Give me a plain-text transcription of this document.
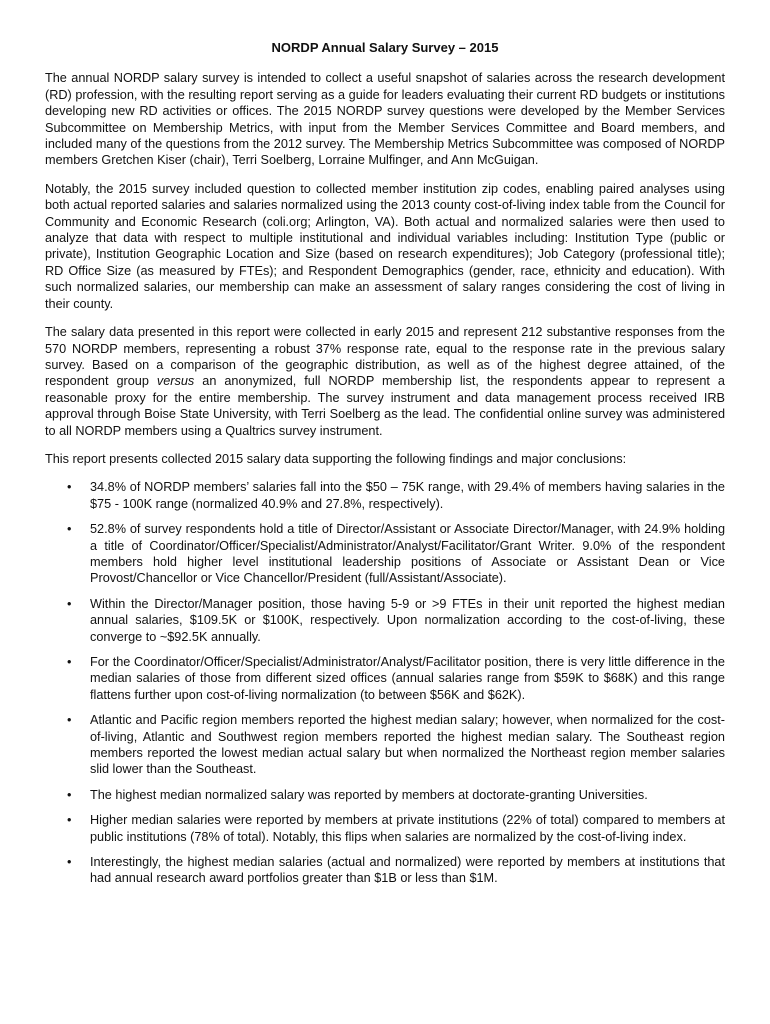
NORDP Annual Salary Survey – 2015

The annual NORDP salary survey is intended to collect a useful snapshot of salaries across the research development (RD) profession, with the resulting report serving as a guide for leaders evaluating their current RD budgets or institutions developing new RD activities or offices. The 2015 NORDP survey questions were developed by the Member Services Subcommittee on Membership Metrics, with input from the Member Services Committee and Board members, and included many of the questions from the 2012 survey. The Membership Metrics Subcommittee was composed of NORDP members Gretchen Kiser (chair), Terri Soelberg, Lorraine Mulfinger, and Ann McGuigan.

Notably, the 2015 survey included question to collected member institution zip codes, enabling paired analyses using both actual reported salaries and salaries normalized using the 2013 county cost-of-living index table from the Council for Community and Economic Research (coli.org; Arlington, VA). Both actual and normalized salaries were then used to analyze that data with respect to multiple institutional and individual variables including: Institution Type (public or private), Institution Geographic Location and Size (based on research expenditures); Job Category (professional title); RD Office Size (as measured by FTEs); and Respondent Demographics (gender, race, ethnicity and education). With such normalized salaries, our membership can make an assessment of salary ranges considering the cost of living in their county.

The salary data presented in this report were collected in early 2015 and represent 212 substantive responses from the 570 NORDP members, representing a robust 37% response rate, equal to the response rate in the previous salary survey. Based on a comparison of the geographic distribution, as well as of the highest degree attained, of the respondent group versus an anonymized, full NORDP membership list, the respondents appear to represent a reasonable proxy for the entire membership. The survey instrument and data management process received IRB approval through Boise State University, with Terri Soelberg as the lead. The confidential online survey was administered to all NORDP members using a Qualtrics survey instrument.

This report presents collected 2015 salary data supporting the following findings and major conclusions:

• 34.8% of NORDP members’ salaries fall into the $50 – 75K range, with 29.4% of members having salaries in the $75 - 100K range (normalized 40.9% and 27.8%, respectively).
• 52.8% of survey respondents hold a title of Director/Assistant or Associate Director/Manager, with 24.9% holding a title of Coordinator/Officer/Specialist/Administrator/Analyst/Facilitator/Grant Writer. 9.0% of the respondent members hold higher level institutional leadership positions of Associate or Assistant Dean or Vice Provost/Chancellor or Vice Chancellor/President (full/Assistant/Associate).
• Within the Director/Manager position, those having 5-9 or >9 FTEs in their unit reported the highest median annual salaries, $109.5K or $100K, respectively. Upon normalization according to the cost-of-living, these converge to ~$92.5K annually.
• For the Coordinator/Officer/Specialist/Administrator/Analyst/Facilitator position, there is very little difference in the median salaries of those from different sized offices (annual salaries range from $59K to $68K) and this range flattens further upon cost-of-living normalization (to between $56K and $62K).
• Atlantic and Pacific region members reported the highest median salary; however, when normalized for the cost-of-living, Atlantic and Southwest region members reported the highest median salary. The Southeast region members reported the lowest median actual salary but when normalized the Northeast region member salaries slid lower than the Southeast.
• The highest median normalized salary was reported by members at doctorate-granting Universities.
• Higher median salaries were reported by members at private institutions (22% of total) compared to members at public institutions (78% of total). Notably, this flips when salaries are normalized by the cost-of-living index.
• Interestingly, the highest median salaries (actual and normalized) were reported by members at institutions that had annual research award portfolios greater than $1B or less than $1M.
